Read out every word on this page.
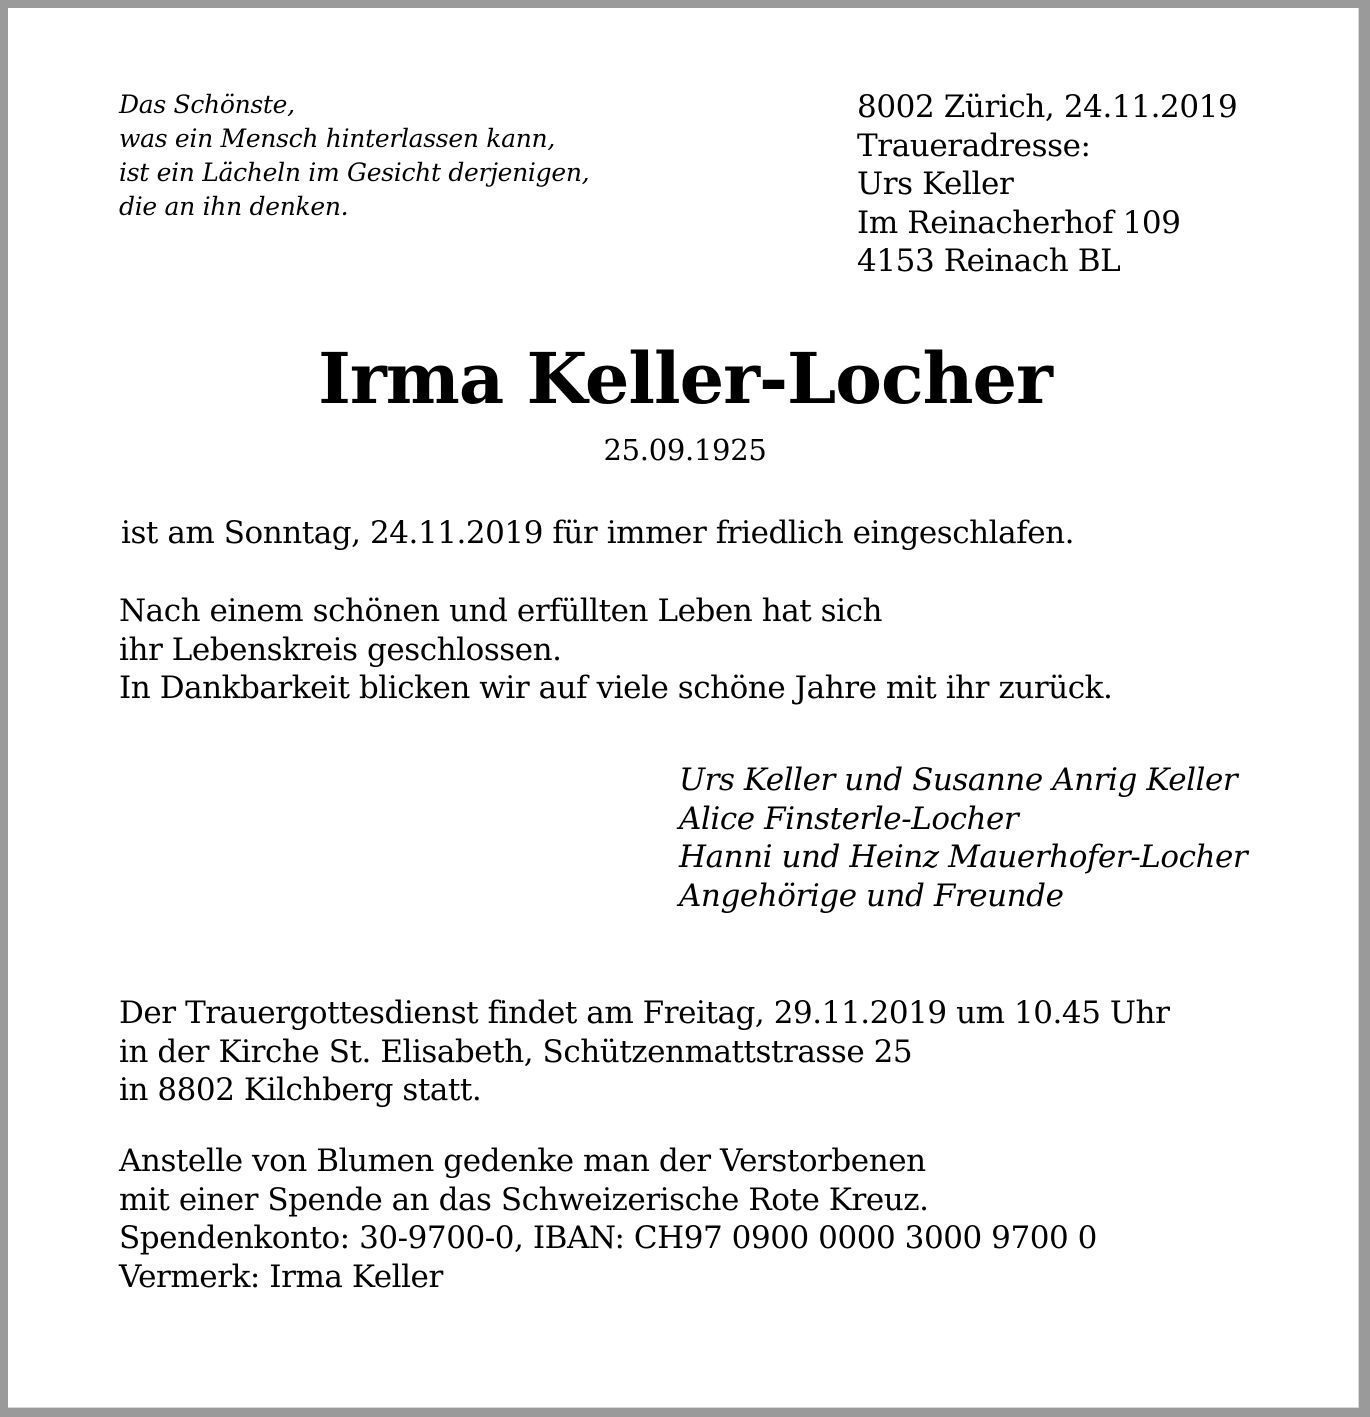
Das Schönste,
was ein Mensch hinterlassen kann,
ist ein Lächeln im Gesicht derjenigen,
die an ihn denken.
8002 Zürich, 24.11.2019
Traueradresse:
Urs Keller
Im Reinacherhof 109
4153 Reinach BL
Irma Keller-Locher
25.09.1925
ist am Sonntag, 24.11.2019 für immer friedlich eingeschlafen.
Nach einem schönen und erfüllten Leben hat sich
ihr Lebenskreis geschlossen.
In Dankbarkeit blicken wir auf viele schöne Jahre mit ihr zurück.
Urs Keller und Susanne Anrig Keller
Alice Finsterle-Locher
Hanni und Heinz Mauerhofer-Locher
Angehörige und Freunde
Der Trauergottesdienst findet am Freitag, 29.11.2019 um 10.45 Uhr
in der Kirche St. Elisabeth, Schützenmattstrasse 25
in 8802 Kilchberg statt.
Anstelle von Blumen gedenke man der Verstorbenen
mit einer Spende an das Schweizerische Rote Kreuz.
Spendenkonto: 30-9700-0, IBAN: CH97 0900 0000 3000 9700 0
Vermerk: Irma Keller
